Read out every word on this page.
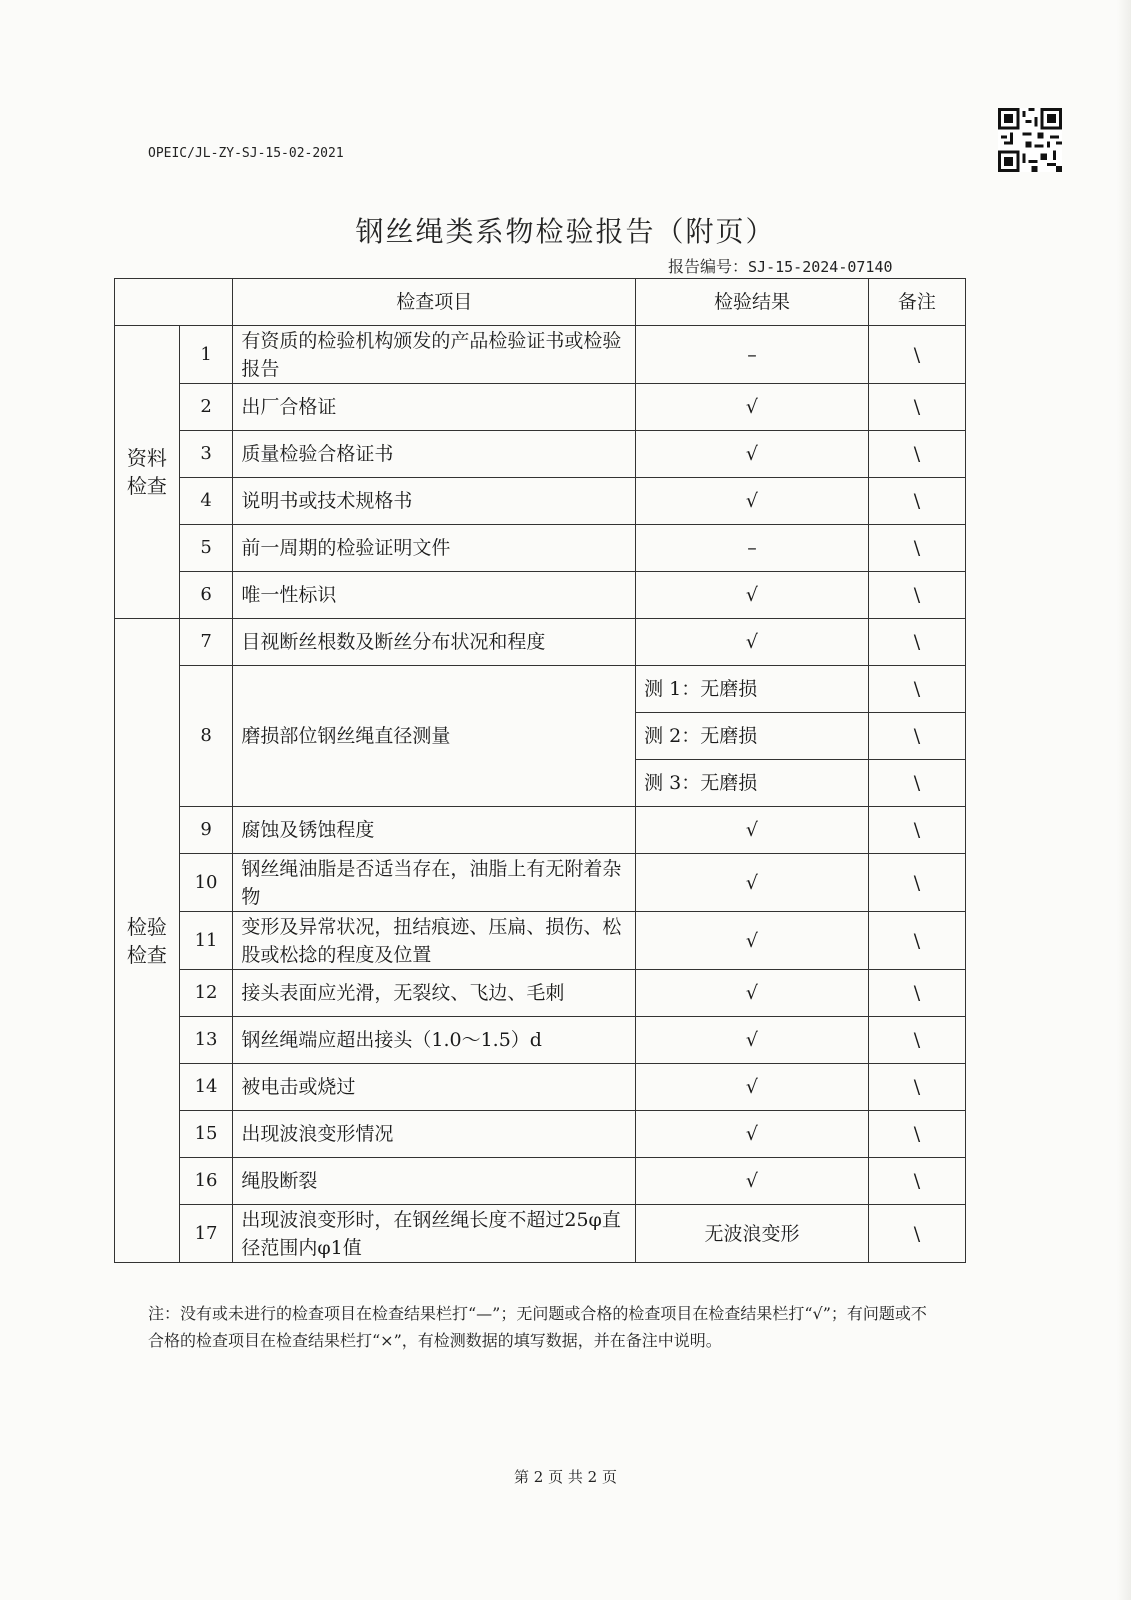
OPEIC/JL-ZY-SJ-15-02-2021
钢丝绳类系物检验报告（附页）
报告编号：SJ-15-2024-07140
		检查项目	检验结果	备注
资料检查	1	有资质的检验机构颁发的产品检验证书或检验报告	–	\
	2	出厂合格证	√	\
	3	质量检验合格证书	√	\
	4	说明书或技术规格书	√	\
	5	前一周期的检验证明文件	–	\
	6	唯一性标识	√	\
检验检查	7	目视断丝根数及断丝分布状况和程度	√	\
	8	磨损部位钢丝绳直径测量	测 1：无磨损	\
			测 2：无磨损	\
			测 3：无磨损	\
	9	腐蚀及锈蚀程度	√	\
	10	钢丝绳油脂是否适当存在，油脂上有无附着杂物	√	\
	11	变形及异常状况，扭结痕迹、压扁、损伤、松股或松捻的程度及位置	√	\
	12	接头表面应光滑，无裂纹、飞边、毛刺	√	\
	13	钢丝绳端应超出接头（1.0～1.5）d	√	\
	14	被电击或烧过	√	\
	15	出现波浪变形情况	√	\
	16	绳股断裂	√	\
	17	出现波浪变形时，在钢丝绳长度不超过25φ直径范围内φ1值	无波浪变形	\
注：没有或未进行的检查项目在检查结果栏打“—”；无问题或合格的检查项目在检查结果栏打“√”；有问题或不合格的检查项目在检查结果栏打“×”，有检测数据的填写数据，并在备注中说明。
第 2 页 共 2 页
